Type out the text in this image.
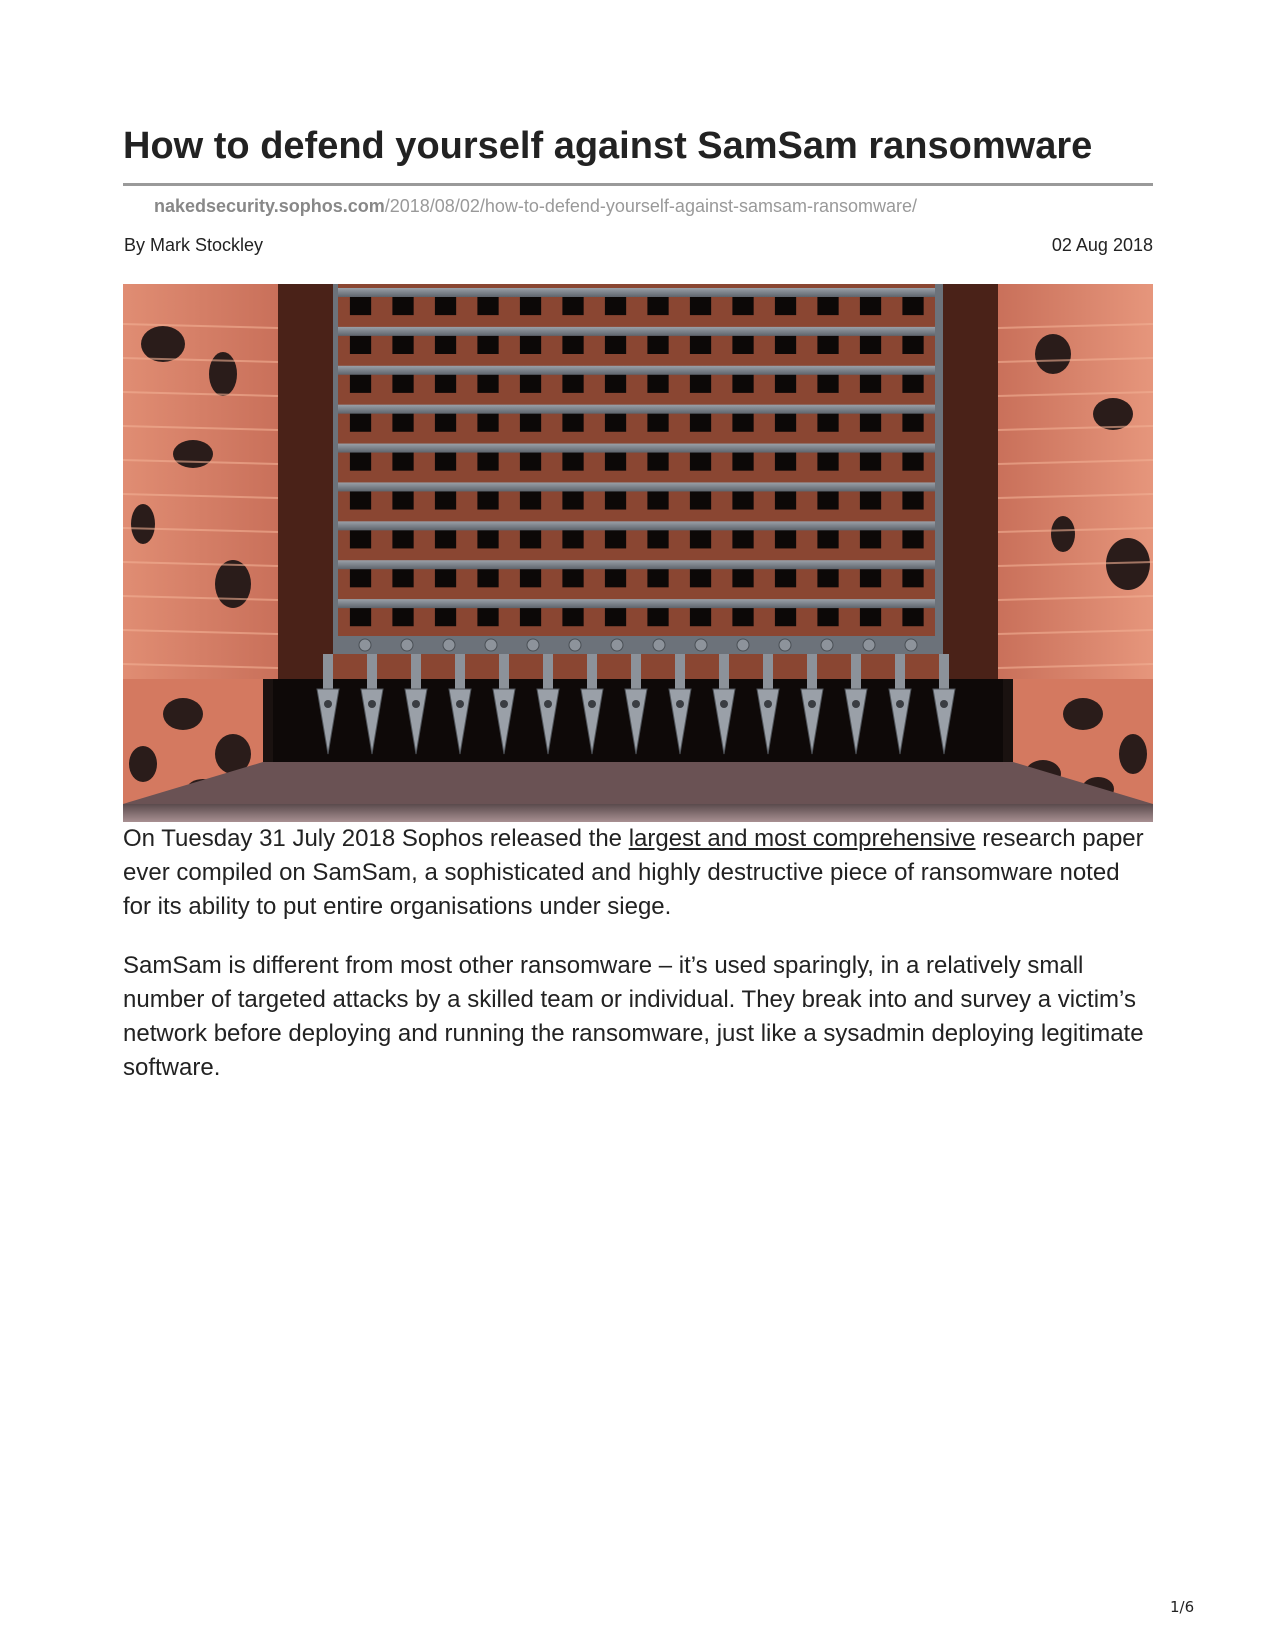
How to defend yourself against SamSam ransomware
nakedsecurity.sophos.com/2018/08/02/how-to-defend-yourself-against-samsam-ransomware/
By Mark Stockley	02 Aug 2018

On Tuesday 31 July 2018 Sophos released the largest and most comprehensive research paper ever compiled on SamSam, a sophisticated and highly destructive piece of ransomware noted for its ability to put entire organisations under siege.

SamSam is different from most other ransomware – it’s used sparingly, in a relatively small number of targeted attacks by a skilled team or individual. They break into and survey a victim’s network before deploying and running the ransomware, just like a sysadmin deploying legitimate software.

1/6
